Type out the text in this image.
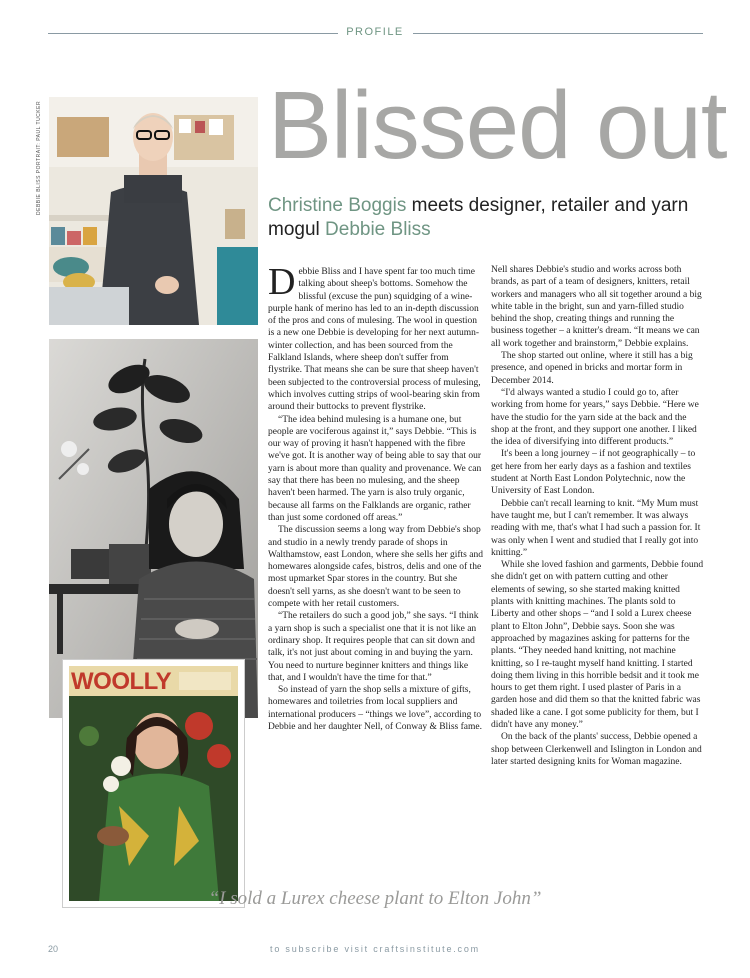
PROFILE
DEBBIE BLISS PORTRAIT: PAUL TUCKER
WOOLLY
Blissed out
Christine Boggis meets designer, retailer and yarn mogul Debbie Bliss

Debbie Bliss and I have spent far too much time talking about sheep's bottoms. Somehow the blissful (excuse the pun) squidging of a wine-purple hank of merino has led to an in-depth discussion of the pros and cons of mulesing. The wool in question is a new one Debbie is developing for her next autumn-winter collection, and has been sourced from the Falkland Islands, where sheep don't suffer from flystrike. That means she can be sure that sheep haven't been subjected to the controversial process of mulesing, which involves cutting strips of wool-bearing skin from around their buttocks to prevent flystrike.

“The idea behind mulesing is a humane one, but people are vociferous against it,” says Debbie. “This is our way of proving it hasn't happened with the fibre we've got. It is another way of being able to say that our yarn is about more than quality and provenance. We can say that there has been no mulesing, and the sheep haven't been harmed. The yarn is also truly organic, because all farms on the Falklands are organic, rather than just some cordoned off areas.”

The discussion seems a long way from Debbie's shop and studio in a newly trendy parade of shops in Walthamstow, east London, where she sells her gifts and homewares alongside cafes, bistros, delis and one of the most upmarket Spar stores in the country. But she doesn't sell yarns, as she doesn't want to be seen to compete with her retail customers.

“The retailers do such a good job,” she says. “I think a yarn shop is such a specialist one that it is not like an ordinary shop. It requires people that can sit down and talk, it's not just about coming in and buying the yarn. You need to nurture beginner knitters and things like that, and I wouldn't have the time for that.”

So instead of yarn the shop sells a mixture of gifts, homewares and toiletries from local suppliers and international producers – “things we love”, according to Debbie and her daughter Nell, of Conway & Bliss fame.

Nell shares Debbie's studio and works across both brands, as part of a team of designers, knitters, retail workers and managers who all sit together around a big white table in the bright, sun and yarn-filled studio behind the shop, creating things and running the business together – a knitter's dream. “It means we can all work together and brainstorm,” Debbie explains.

The shop started out online, where it still has a big presence, and opened in bricks and mortar form in December 2014.

“I'd always wanted a studio I could go to, after working from home for years,” says Debbie. “Here we have the studio for the yarn side at the back and the shop at the front, and they support one another. I liked the idea of diversifying into different products.”

It's been a long journey – if not geographically – to get here from her early days as a fashion and textiles student at North East London Polytechnic, now the University of East London.

Debbie can't recall learning to knit. “My Mum must have taught me, but I can't remember. It was always reading with me, that's what I had such a passion for. It was only when I went and studied that I really got into knitting.”

While she loved fashion and garments, Debbie found she didn't get on with pattern cutting and other elements of sewing, so she started making knitted plants with knitting machines. The plants sold to Liberty and other shops – “and I sold a Lurex cheese plant to Elton John”, Debbie says. Soon she was approached by magazines asking for patterns for the plants. “They needed hand knitting, not machine knitting, so I re-taught myself hand knitting. I started doing them living in this horrible bedsit and it took me hours to get them right. I used plaster of Paris in a garden hose and did them so that the knitted fabric was shaded like a cane. I got some publicity for them, but I didn't have any money.”

On the back of the plants' success, Debbie opened a shop between Clerkenwell and Islington in London and later started designing knits for Woman magazine.

“I sold a Lurex cheese plant to Elton John”
20	to subscribe visit craftsinstitute.com
